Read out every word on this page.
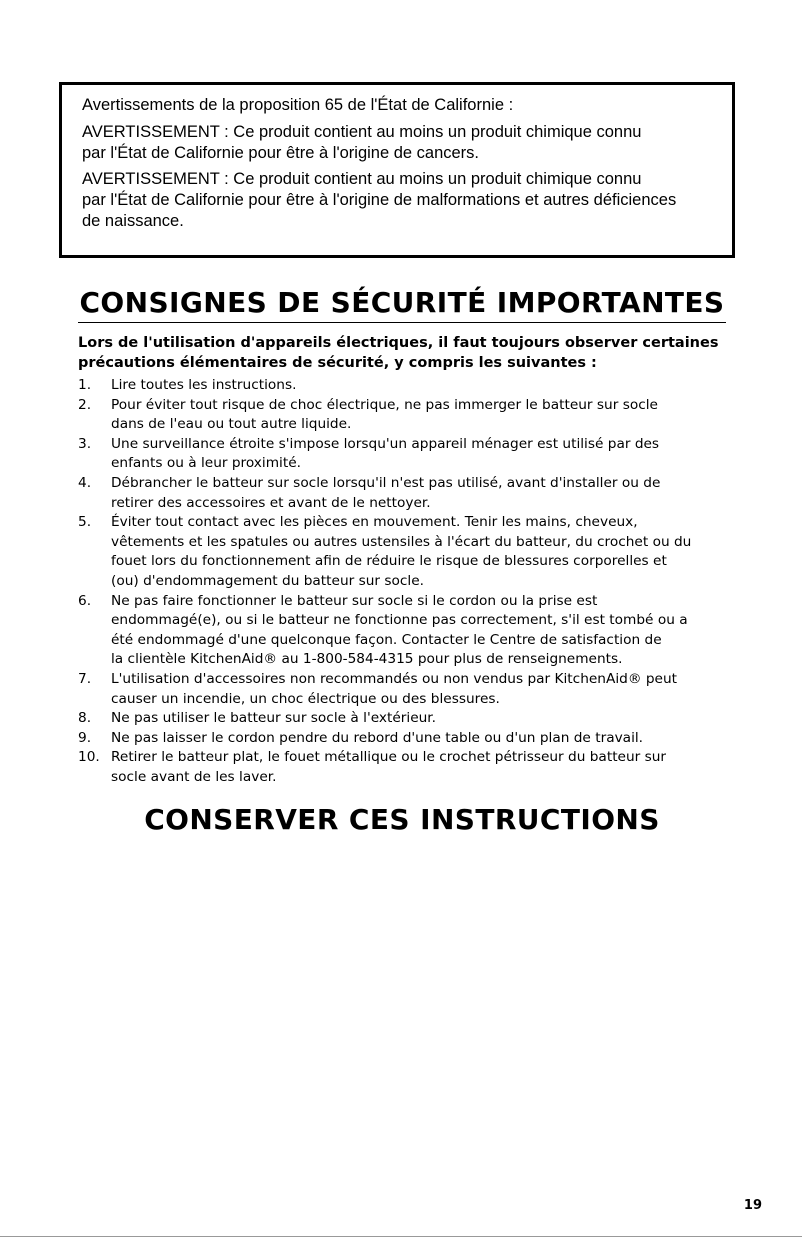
Avertissements de la proposition 65 de l'État de Californie :

AVERTISSEMENT : Ce produit contient au moins un produit chimique connu
par l'État de Californie pour être à l'origine de cancers.

AVERTISSEMENT : Ce produit contient au moins un produit chimique connu
par l'État de Californie pour être à l'origine de malformations et autres déficiences
de naissance.

CONSIGNES DE SÉCURITÉ IMPORTANTES
Lors de l'utilisation d'appareils électriques, il faut toujours observer certaines
précautions élémentaires de sécurité, y compris les suivantes :
1. Lire toutes les instructions.
2. Pour éviter tout risque de choc électrique, ne pas immerger le batteur sur socle
dans de l'eau ou tout autre liquide.
3. Une surveillance étroite s'impose lorsqu'un appareil ménager est utilisé par des
enfants ou à leur proximité.
4. Débrancher le batteur sur socle lorsqu'il n'est pas utilisé, avant d'installer ou de
retirer des accessoires et avant de le nettoyer.
5. Éviter tout contact avec les pièces en mouvement. Tenir les mains, cheveux,
vêtements et les spatules ou autres ustensiles à l'écart du batteur, du crochet ou du
fouet lors du fonctionnement afin de réduire le risque de blessures corporelles et
(ou) d'endommagement du batteur sur socle.
6. Ne pas faire fonctionner le batteur sur socle si le cordon ou la prise est
endommagé(e), ou si le batteur ne fonctionne pas correctement, s'il est tombé ou a
été endommagé d'une quelconque façon. Contacter le Centre de satisfaction de
la clientèle KitchenAid® au 1-800-584-4315 pour plus de renseignements.
7. L'utilisation d'accessoires non recommandés ou non vendus par KitchenAid® peut
causer un incendie, un choc électrique ou des blessures.
8. Ne pas utiliser le batteur sur socle à l'extérieur.
9. Ne pas laisser le cordon pendre du rebord d'une table ou d'un plan de travail.
10. Retirer le batteur plat, le fouet métallique ou le crochet pétrisseur du batteur sur
socle avant de les laver.
CONSERVER CES INSTRUCTIONS
19
